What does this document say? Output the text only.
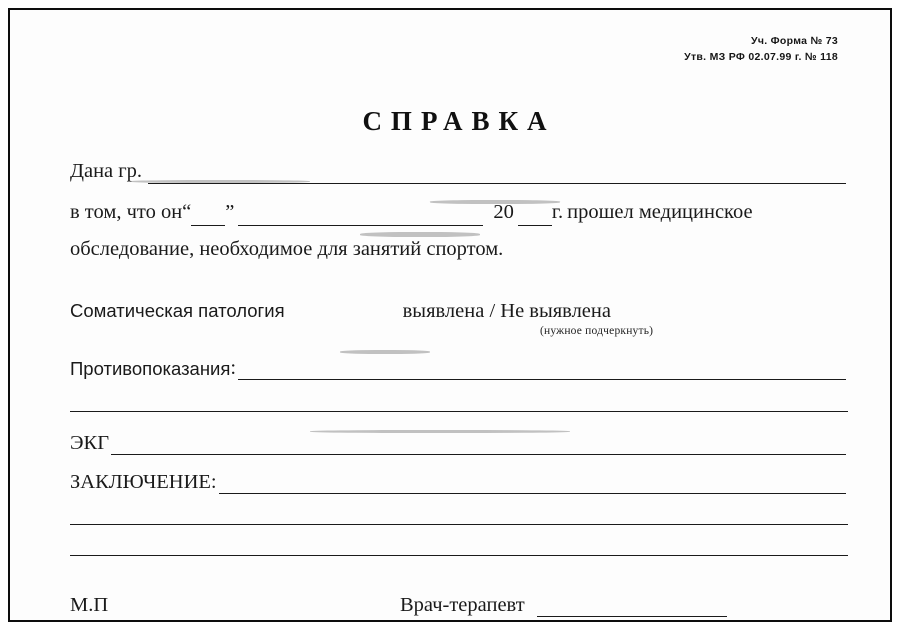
Уч. Форма № 73
Утв. МЗ РФ 02.07.99 г. № 118
СПРАВКА
Дана гр.
в том, что он “ ”	20 г. прошел медицинское
обследование, необходимое для занятий спортом.
Соматическая патология	выявлена / Не выявлена
(нужное подчеркнуть)
Противопоказания :
ЭКГ
ЗАКЛЮЧЕНИЕ :
М.П	Врач-терапевт
